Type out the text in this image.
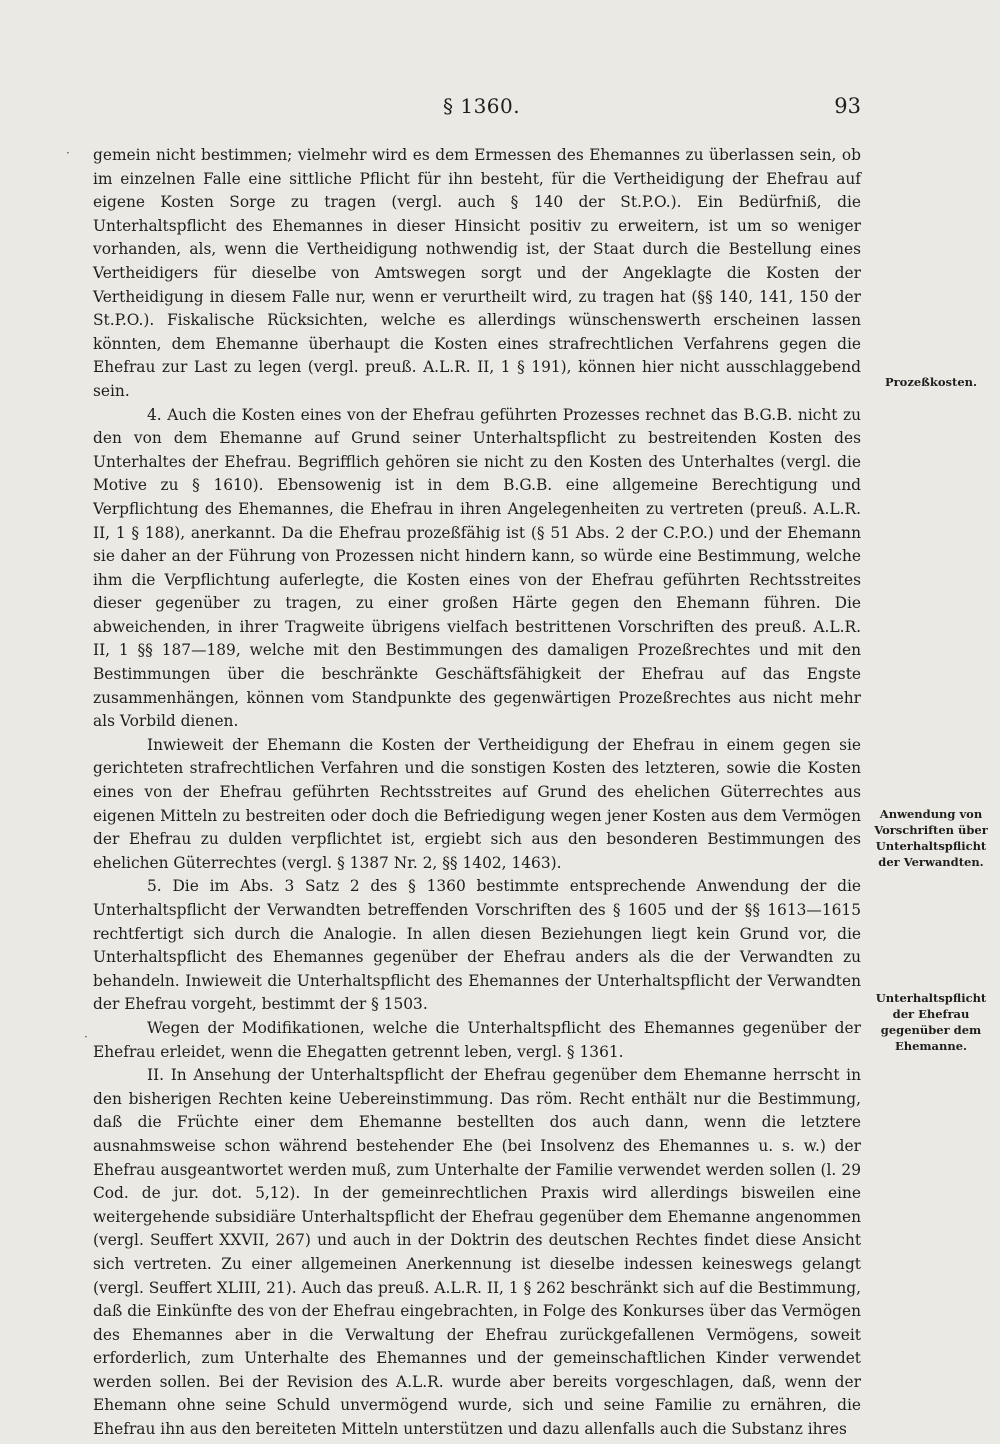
§ 1360.	93

gemein nicht bestimmen; vielmehr wird es dem Ermessen des Ehemannes zu überlassen sein, ob im einzelnen Falle eine sittliche Pflicht für ihn besteht, für die Vertheidigung der Ehefrau auf eigene Kosten Sorge zu tragen (vergl. auch § 140 der St.P.O.). Ein Bedürfniß, die Unterhaltspflicht des Ehemannes in dieser Hinsicht positiv zu erweitern, ist um so weniger vorhanden, als, wenn die Vertheidigung nothwendig ist, der Staat durch die Bestellung eines Vertheidigers für dieselbe von Amtswegen sorgt und der Angeklagte die Kosten der Vertheidigung in diesem Falle nur, wenn er verurtheilt wird, zu tragen hat (§§ 140, 141, 150 der St.P.O.). Fiskalische Rücksichten, welche es allerdings wünschenswerth erscheinen lassen könnten, dem Ehemanne überhaupt die Kosten eines strafrechtlichen Verfahrens gegen die Ehefrau zur Last zu legen (vergl. preuß. A.L.R. II, 1 § 191), können hier nicht ausschlaggebend sein.

4. Auch die Kosten eines von der Ehefrau geführten Prozesses rechnet das B.G.B. nicht zu den von dem Ehemanne auf Grund seiner Unterhaltspflicht zu bestreitenden Kosten des Unterhaltes der Ehefrau. Begrifflich gehören sie nicht zu den Kosten des Unterhaltes (vergl. die Motive zu § 1610). Ebensowenig ist in dem B.G.B. eine allgemeine Berechtigung und Verpflichtung des Ehemannes, die Ehefrau in ihren Angelegenheiten zu vertreten (preuß. A.L.R. II, 1 § 188), anerkannt. Da die Ehefrau prozeßfähig ist (§ 51 Abs. 2 der C.P.O.) und der Ehemann sie daher an der Führung von Prozessen nicht hindern kann, so würde eine Bestimmung, welche ihm die Verpflichtung auferlegte, die Kosten eines von der Ehefrau geführten Rechtsstreites dieser gegenüber zu tragen, zu einer großen Härte gegen den Ehemann führen. Die abweichenden, in ihrer Tragweite übrigens vielfach bestrittenen Vorschriften des preuß. A.L.R. II, 1 §§ 187—189, welche mit den Bestimmungen des damaligen Prozeßrechtes und mit den Bestimmungen über die beschränkte Geschäftsfähigkeit der Ehefrau auf das Engste zusammenhängen, können vom Standpunkte des gegenwärtigen Prozeßrechtes aus nicht mehr als Vorbild dienen.

Inwieweit der Ehemann die Kosten der Vertheidigung der Ehefrau in einem gegen sie gerichteten strafrechtlichen Verfahren und die sonstigen Kosten des letzteren, sowie die Kosten eines von der Ehefrau geführten Rechtsstreites auf Grund des ehelichen Güterrechtes aus eigenen Mitteln zu bestreiten oder doch die Befriedigung wegen jener Kosten aus dem Vermögen der Ehefrau zu dulden verpflichtet ist, ergiebt sich aus den besonderen Bestimmungen des ehelichen Güterrechtes (vergl. § 1387 Nr. 2, §§ 1402, 1463).

5. Die im Abs. 3 Satz 2 des § 1360 bestimmte entsprechende Anwendung der die Unterhaltspflicht der Verwandten betreffenden Vorschriften des § 1605 und der §§ 1613—1615 rechtfertigt sich durch die Analogie. In allen diesen Beziehungen liegt kein Grund vor, die Unterhaltspflicht des Ehemannes gegenüber der Ehefrau anders als die der Verwandten zu behandeln. Inwieweit die Unterhaltspflicht des Ehemannes der Unterhaltspflicht der Verwandten der Ehefrau vorgeht, bestimmt der § 1503.

Wegen der Modifikationen, welche die Unterhaltspflicht des Ehemannes gegenüber der Ehefrau erleidet, wenn die Ehegatten getrennt leben, vergl. § 1361.

II. In Ansehung der Unterhaltspflicht der Ehefrau gegenüber dem Ehemanne herrscht in den bisherigen Rechten keine Uebereinstimmung. Das röm. Recht enthält nur die Bestimmung, daß die Früchte einer dem Ehemanne bestellten dos auch dann, wenn die letztere ausnahmsweise schon während bestehender Ehe (bei Insolvenz des Ehemannes u. s. w.) der Ehefrau ausgeantwortet werden muß, zum Unterhalte der Familie verwendet werden sollen (l. 29 Cod. de jur. dot. 5,12). In der gemeinrechtlichen Praxis wird allerdings bisweilen eine weitergehende subsidiäre Unterhaltspflicht der Ehefrau gegenüber dem Ehemanne angenommen (vergl. Seuffert XXVII, 267) und auch in der Doktrin des deutschen Rechtes findet diese Ansicht sich vertreten. Zu einer allgemeinen Anerkennung ist dieselbe indessen keineswegs gelangt (vergl. Seuffert XLIII, 21). Auch das preuß. A.L.R. II, 1 § 262 beschränkt sich auf die Bestimmung, daß die Einkünfte des von der Ehefrau eingebrachten, in Folge des Konkurses über das Vermögen des Ehemannes aber in die Verwaltung der Ehefrau zurückgefallenen Vermögens, soweit erforderlich, zum Unterhalte des Ehemannes und der gemeinschaftlichen Kinder verwendet werden sollen. Bei der Revision des A.L.R. wurde aber bereits vorgeschlagen, daß, wenn der Ehemann ohne seine Schuld unvermögend wurde, sich und seine Familie zu ernähren, die Ehefrau ihn aus den bereiteten Mitteln unterstützen und dazu allenfalls auch die Substanz ihres

Prozeßkosten.
Anwendung von Vorschriften über Unterhaltspflicht der Verwandten.
Unterhaltspflicht der Ehefrau gegenüber dem Ehemanne.
·
·
